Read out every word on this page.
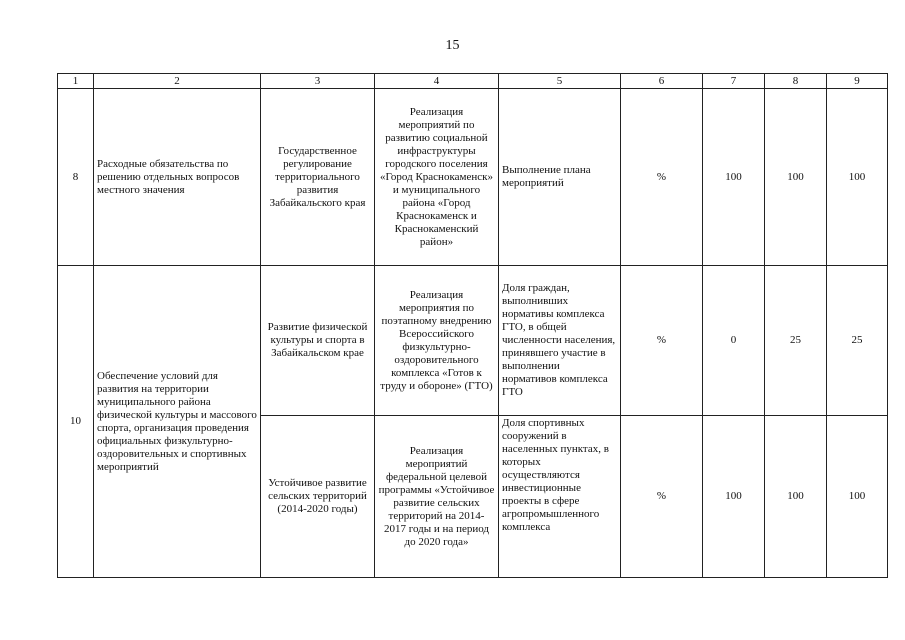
15
1	2	3	4	5	6	7	8	9
8	Расходные обязательства по решению отдельных вопросов местного значения	Государственное регулирование территориального развития Забайкальского края	Реализация мероприятий по развитию социальной инфраструктуры городского поселения «Город Краснокаменск» и муниципального района «Город Краснокаменск и Краснокаменский район»	Выполнение плана мероприятий	%	100	100	100
10	Обеспечение условий для развития на территории муниципального района физической культуры и массового спорта, организация проведения официальных физкультурно-оздоровительных и спортивных мероприятий	Развитие физической культуры и спорта в Забайкальском крае	Реализация мероприятия по поэтапному внедрению Всероссийского физкультурно-оздоровительного комплекса «Готов к труду и обороне» (ГТО)	Доля граждан, выполнивших нормативы комплекса ГТО, в общей численности населения, принявшего участие в выполнении нормативов комплекса ГТО	%	0	25	25
		Устойчивое развитие сельских территорий (2014-2020 годы)	Реализация мероприятий федеральной целевой программы «Устойчивое развитие сельских территорий на 2014-2017 годы и на период до 2020 года»	Доля спортивных сооружений в населенных пунктах, в которых осуществляются инвестиционные проекты в сфере агропромышленного комплекса	%	100	100	100
